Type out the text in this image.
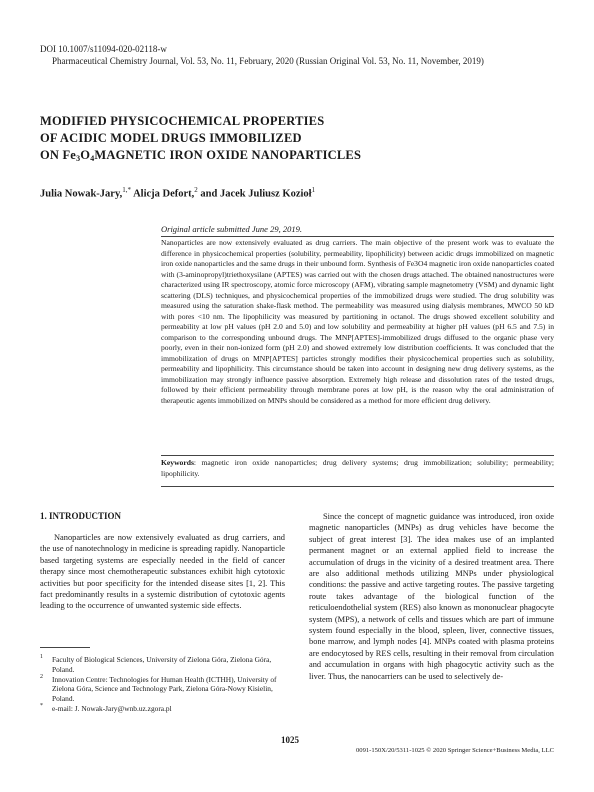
DOI 10.1007/s11094-020-02118-w
Pharmaceutical Chemistry Journal, Vol. 53, No. 11, February, 2020 (Russian Original Vol. 53, No. 11, November, 2019)
MODIFIED PHYSICOCHEMICAL PROPERTIES
OF ACIDIC MODEL DRUGS IMMOBILIZED
ON $Fe_3O_4MAGNETIC$ IRON OXIDE NANOPARTICLES
Julia Nowak-Jary,$^{1,*}$ Alicja Defort,$^2$ and Jacek Juliusz Kozioł$^1$
Original article submitted June 29, 2019.
Nanoparticles are now extensively evaluated as drug carriers. The main objective of the present work was to evaluate the difference in physicochemical properties (solubility, permeability, lipophilicity) between acidic drugs immobilized on magnetic iron oxide nanoparticles and the same drugs in their unbound form. Synthesis of Fe3O4 magnetic iron oxide nanoparticles coated with (3-aminopropyl)triethoxysilane (APTES) was carried out with the chosen drugs attached. The obtained nanostructures were characterized using IR spectroscopy, atomic force microscopy (AFM), vibrating sample magnetometry (VSM) and dynamic light scattering (DLS) techniques, and physicochemical properties of the immobilized drugs were studied. The drug solubility was measured using the saturation shake-flask method. The permeability was measured using dialysis membranes, MWCO 50 kD with pores <10 nm. The lipophilicity was measured by partitioning in octanol. The drugs showed excellent solubility and permeability at low pH values (pH 2.0 and 5.0) and low solubility and permeability at higher pH values (pH 6.5 and 7.5) in comparison to the corresponding unbound drugs. The MNP[APTES]-immobilized drugs diffused to the organic phase very poorly, even in their non-ionized form (pH 2.0) and showed extremely low distribution coefficients. It was concluded that the immobilization of drugs on MNP[APTES] particles strongly modifies their physicochemical properties such as solubility, permeability and lipophilicity. This circumstance should be taken into account in designing new drug delivery systems, as the immobilization may strongly influence passive absorption. Extremely high release and dissolution rates of the tested drugs, followed by their efficient permeability through membrane pores at low pH, is the reason why the oral administration of therapeutic agents immobilized on MNPs should be considered as a method for more efficient drug delivery.
Keywords: magnetic iron oxide nanoparticles; drug delivery systems; drug immobilization; solubility; permeability; lipophilicity.
1. INTRODUCTION
Nanoparticles are now extensively evaluated as drug carriers, and the use of nanotechnology in medicine is spreading rapidly. Nanoparticle based targeting systems are especially needed in the field of cancer therapy since most chemotherapeutic substances exhibit high cytotoxic activities but poor specificity for the intended disease sites [1, 2]. This fact predominantly results in a systemic distribution of cytotoxic agents leading to the occurrence of unwanted systemic side effects.
Since the concept of magnetic guidance was introduced, iron oxide magnetic nanoparticles (MNPs) as drug vehicles have become the subject of great interest [3]. The idea makes use of an implanted permanent magnet or an external applied field to increase the accumulation of drugs in the vicinity of a desired treatment area. There are also additional methods utilizing MNPs under physiological conditions: the passive and active targeting routes. The passive targeting route takes advantage of the biological function of the reticuloendothelial system (RES) also known as mononuclear phagocyte system (MPS), a network of cells and tissues which are part of immune system found especially in the blood, spleen, liver, connective tissues, bone marrow, and lymph nodes [4]. MNPs coated with plasma proteins are endocytosed by RES cells, resulting in their removal from circulation and accumulation in organs with high phagocytic activity such as the liver. Thus, the nanocarriers can be used to selectively de-
1 Faculty of Biological Sciences, University of Zielona Góra, Zielona Góra, Poland.
2 Innovation Centre: Technologies for Human Health (ICTHH), University of Zielona Góra, Science and Technology Park, Zielona Góra-Nowy Kisielin, Poland.
* e-mail: J. Nowak-Jary@wnb.uz.zgora.pl
1025
0091-150X/20/5311-1025 © 2020 Springer Science+Business Media, LLC
